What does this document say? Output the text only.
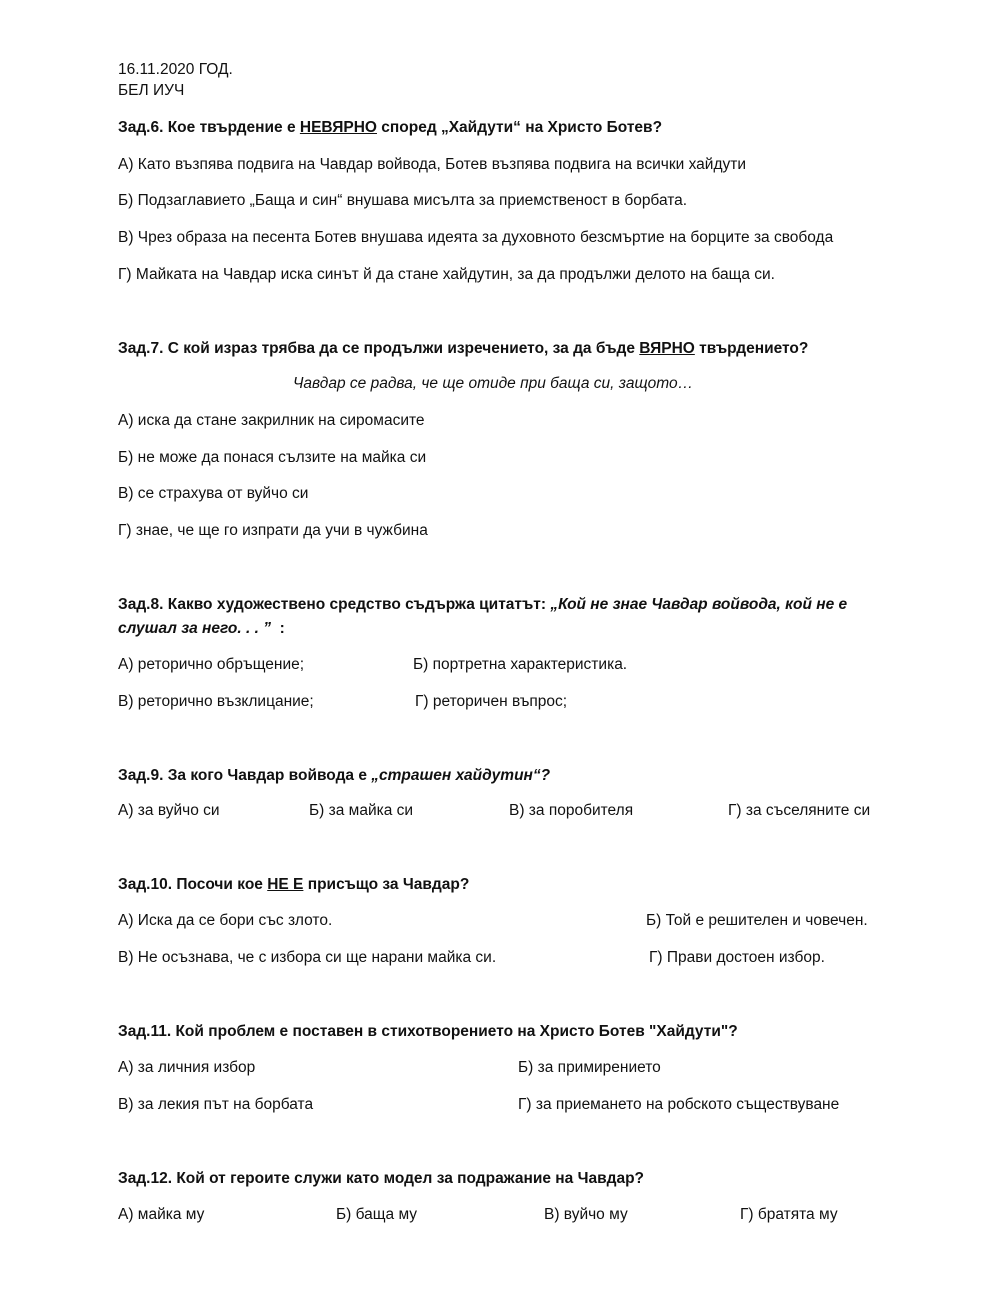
16.11.2020 ГОД.
БЕЛ ИУЧ
Зад.6. Кое твърдение е НЕВЯРНО според „Хайдути“ на Христо Ботев?
А) Като възпява подвига на Чавдар войвода, Ботев възпява подвига на всички хайдути
Б) Подзаглавието „Баща и син“ внушава мисълта за приемственост в борбата.
В) Чрез образа на песента Ботев внушава идеята за духовното безсмъртие на борците за свобода
Г) Майката на Чавдар иска синът й да стане хайдутин, за да продължи делото на баща си.
Зад.7. С кой израз трябва да се продължи изречението, за да бъде ВЯРНО твърдението?
Чавдар се радва, че ще отиде при баща си, защото…
А) иска да стане закрилник на сиромасите
Б) не може да понася сълзите на майка си
В) се страхува от вуйчо си
Г) знае, че ще го изпрати да учи в чужбина
Зад.8. Какво художествено средство съдържа цитатът: „Кой не знае Чавдар войвода, кой не е
слушал за него. . . ”  :
А) реторично обръщение;	Б) портретна характеристика.
В) реторично възклицание;	Г) реторичен въпрос;
Зад.9. За кого Чавдар войвода е „страшен хайдутин“?
А) за вуйчо си	Б) за майка си	В) за поробителя	Г) за съселяните си
Зад.10. Посочи кое НЕ Е присъщо за Чавдар?
А) Иска да се бори със злото.	Б) Той е решителен и човечен.
В) Не осъзнава, че с избора си ще нарани майка си.	Г) Прави достоен избор.
Зад.11. Кой проблем е поставен в стихотворението на Христо Ботев "Хайдути"?
А) за личния избор	Б) за примирението
В) за лекия път на борбата	Г) за приемането на робското съществуване
Зад.12. Кой от героите служи като модел за подражание на Чавдар?
А) майка му	Б) баща му	В) вуйчо му	Г) братята му
